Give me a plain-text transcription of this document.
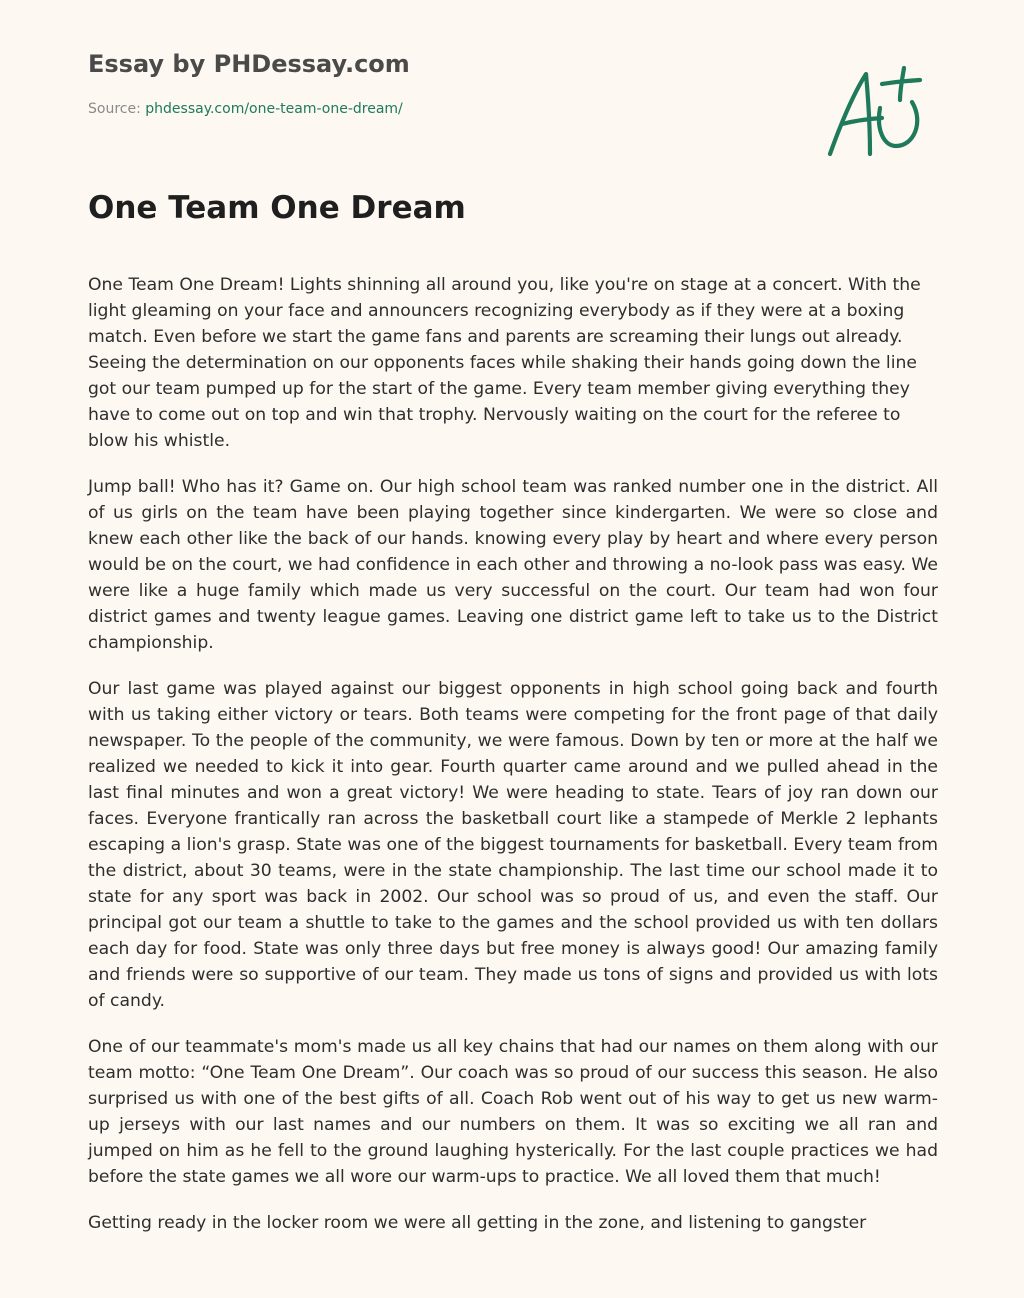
Essay by PHDessay.com
Source: phdessay.com/one-team-one-dream/
One Team One Dream

One Team One Dream! Lights shinning all around you, like you're on stage at a concert. With the light gleaming on your face and announcers recognizing everybody as if they were at a boxing match. Even before we start the game fans and parents are screaming their lungs out already. Seeing the determination on our opponents faces while shaking their hands going down the line got our team pumped up for the start of the game. Every team member giving everything they have to come out on top and win that trophy. Nervously waiting on the court for the referee to blow his whistle.

Jump ball! Who has it? Game on. Our high school team was ranked number one in the district. All of us girls on the team have been playing together since kindergarten. We were so close and knew each other like the back of our hands. knowing every play by heart and where every person would be on the court, we had confidence in each other and throwing a no-look pass was easy. We were like a huge family which made us very successful on the court. Our team had won four district games and twenty league games. Leaving one district game left to take us to the District championship.

Our last game was played against our biggest opponents in high school going back and fourth with us taking either victory or tears. Both teams were competing for the front page of that daily newspaper. To the people of the community, we were famous. Down by ten or more at the half we realized we needed to kick it into gear. Fourth quarter came around and we pulled ahead in the last final minutes and won a great victory! We were heading to state. Tears of joy ran down our faces. Everyone frantically ran across the basketball court like a stampede of Merkle 2 lephants escaping a lion's grasp. State was one of the biggest tournaments for basketball. Every team from the district, about 30 teams, were in the state championship. The last time our school made it to state for any sport was back in 2002. Our school was so proud of us, and even the staff. Our principal got our team a shuttle to take to the games and the school provided us with ten dollars each day for food. State was only three days but free money is always good! Our amazing family and friends were so supportive of our team. They made us tons of signs and provided us with lots of candy.

One of our teammate's mom's made us all key chains that had our names on them along with our team motto: “One Team One Dream”. Our coach was so proud of our success this season. He also surprised us with one of the best gifts of all. Coach Rob went out of his way to get us new warm-up jerseys with our last names and our numbers on them. It was so exciting we all ran and jumped on him as he fell to the ground laughing hysterically. For the last couple practices we had before the state games we all wore our warm-ups to practice. We all loved them that much!

Getting ready in the locker room we were all getting in the zone, and listening to gangster
